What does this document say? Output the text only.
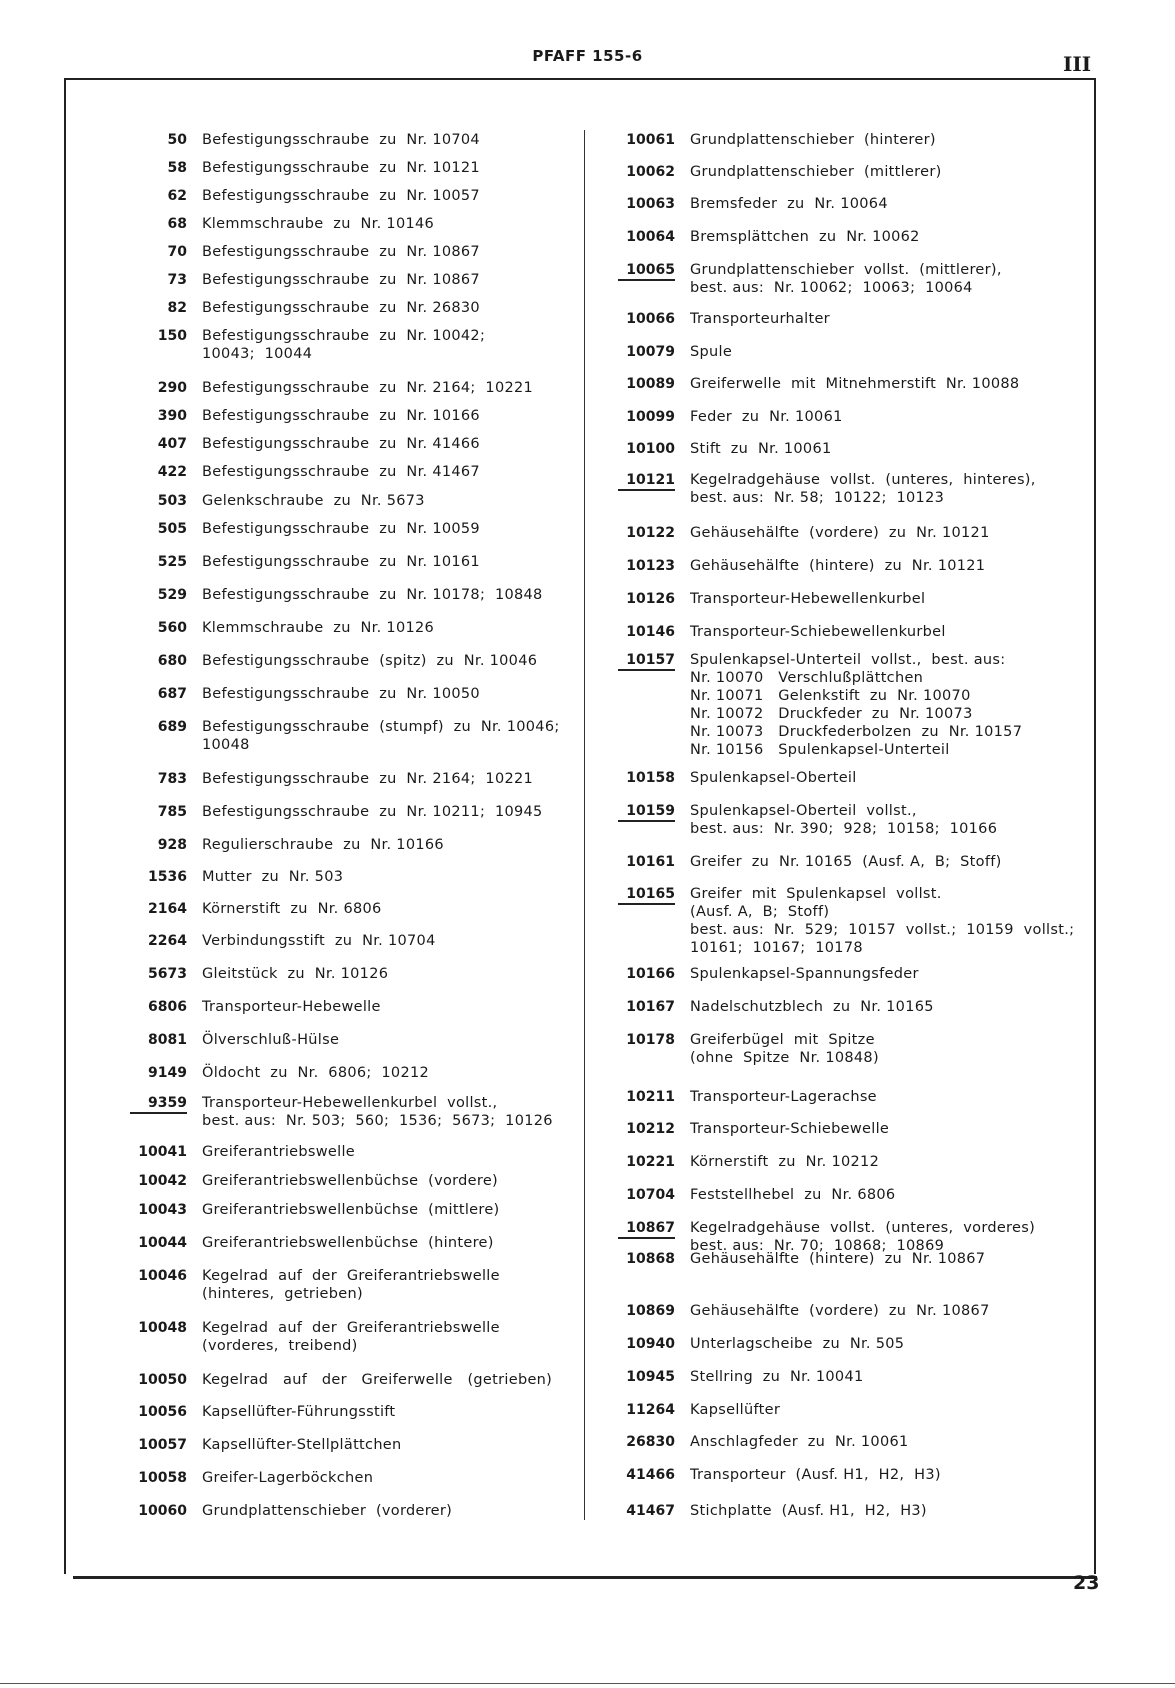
PFAFF 155-6	III
50 Befestigungsschraube  zu  Nr. 10704
58 Befestigungsschraube  zu  Nr. 10121
62 Befestigungsschraube  zu  Nr. 10057
68 Klemmschraube  zu  Nr. 10146
70 Befestigungsschraube  zu  Nr. 10867
73 Befestigungsschraube  zu  Nr. 10867
82 Befestigungsschraube  zu  Nr. 26830
150 Befestigungsschraube  zu  Nr. 10042;
10043;  10044
290 Befestigungsschraube  zu  Nr. 2164;  10221
390 Befestigungsschraube  zu  Nr. 10166
407 Befestigungsschraube  zu  Nr. 41466
422 Befestigungsschraube  zu  Nr. 41467
503 Gelenkschraube  zu  Nr. 5673
505 Befestigungsschraube  zu  Nr. 10059
525 Befestigungsschraube  zu  Nr. 10161
529 Befestigungsschraube  zu  Nr. 10178;  10848
560 Klemmschraube  zu  Nr. 10126
680 Befestigungsschraube  (spitz)  zu  Nr. 10046
687 Befestigungsschraube  zu  Nr. 10050
689 Befestigungsschraube  (stumpf)  zu  Nr. 10046;
10048
783 Befestigungsschraube  zu  Nr. 2164;  10221
785 Befestigungsschraube  zu  Nr. 10211;  10945
928 Regulierschraube  zu  Nr. 10166
1536 Mutter  zu  Nr. 503
2164 Körnerstift  zu  Nr. 6806
2264 Verbindungsstift  zu  Nr. 10704
5673 Gleitstück  zu  Nr. 10126
6806 Transporteur-Hebewelle
8081 Ölverschluß-Hülse
9149 Öldocht  zu  Nr.  6806;  10212
9359 Transporteur-Hebewellenkurbel  vollst.,
best. aus:  Nr. 503;  560;  1536;  5673;  10126
10041 Greiferantriebswelle
10042 Greiferantriebswellenbüchse  (vordere)
10043 Greiferantriebswellenbüchse  (mittlere)
10044 Greiferantriebswellenbüchse  (hintere)
10046 Kegelrad  auf  der  Greiferantriebswelle
(hinteres,  getrieben)
10048 Kegelrad  auf  der  Greiferantriebswelle
(vorderes,  treibend)
10050 Kegelrad   auf   der   Greiferwelle   (getrieben)
10056 Kapsellüfter-Führungsstift
10057 Kapsellüfter-Stellplättchen
10058 Greifer-Lagerböckchen
10060 Grundplattenschieber  (vorderer)
10061 Grundplattenschieber  (hinterer)
10062 Grundplattenschieber  (mittlerer)
10063 Bremsfeder  zu  Nr. 10064
10064 Bremsplättchen  zu  Nr. 10062
10065 Grundplattenschieber  vollst.  (mittlerer),
best. aus:  Nr. 10062;  10063;  10064
10066 Transporteurhalter
10079 Spule
10089 Greiferwelle  mit  Mitnehmerstift  Nr. 10088
10099 Feder  zu  Nr. 10061
10100 Stift  zu  Nr. 10061
10121 Kegelradgehäuse  vollst.  (unteres,  hinteres),
best. aus:  Nr. 58;  10122;  10123
10122 Gehäusehälfte  (vordere)  zu  Nr. 10121
10123 Gehäusehälfte  (hintere)  zu  Nr. 10121
10126 Transporteur-Hebewellenkurbel
10146 Transporteur-Schiebewellenkurbel
10157 Spulenkapsel-Unterteil  vollst.,  best. aus:
Nr. 10070   Verschlußplättchen
Nr. 10071   Gelenkstift  zu  Nr. 10070
Nr. 10072   Druckfeder  zu  Nr. 10073
Nr. 10073   Druckfederbolzen  zu  Nr. 10157
Nr. 10156   Spulenkapsel-Unterteil
10158 Spulenkapsel-Oberteil
10159 Spulenkapsel-Oberteil  vollst.,
best. aus:  Nr. 390;  928;  10158;  10166
10161 Greifer  zu  Nr. 10165  (Ausf. A,  B;  Stoff)
10165 Greifer  mit  Spulenkapsel  vollst.
(Ausf. A,  B;  Stoff)
best. aus:  Nr.  529;  10157  vollst.;  10159  vollst.;
10161;  10167;  10178
10166 Spulenkapsel-Spannungsfeder
10167 Nadelschutzblech  zu  Nr. 10165
10178 Greiferbügel  mit  Spitze
(ohne  Spitze  Nr. 10848)
10211 Transporteur-Lagerachse
10212 Transporteur-Schiebewelle
10221 Körnerstift  zu  Nr. 10212
10704 Feststellhebel  zu  Nr. 6806
10867 Kegelradgehäuse  vollst.  (unteres,  vorderes)
best. aus:  Nr. 70;  10868;  10869
10868 Gehäusehälfte  (hintere)  zu  Nr. 10867
10869 Gehäusehälfte  (vordere)  zu  Nr. 10867
10940 Unterlagscheibe  zu  Nr. 505
10945 Stellring  zu  Nr. 10041
11264 Kapsellüfter
26830 Anschlagfeder  zu  Nr. 10061
41466 Transporteur  (Ausf. H1,  H2,  H3)
41467 Stichplatte  (Ausf. H1,  H2,  H3)
23
